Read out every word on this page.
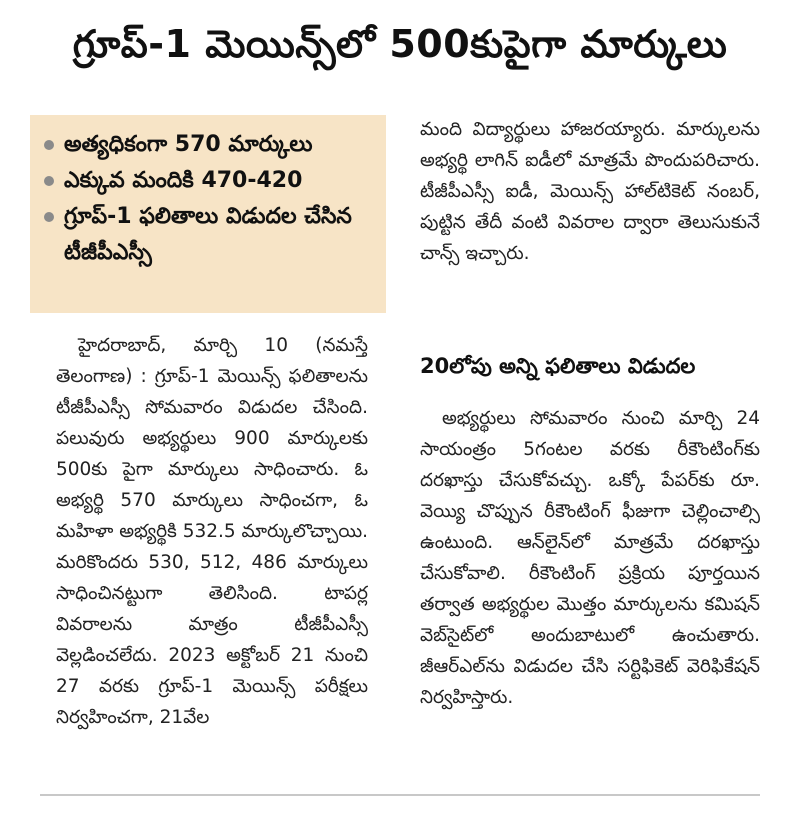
గ్రూప్‌-1 మెయిన్స్‌లో 500కుపైగా మార్కులు
అత్యధికంగా 570 మార్కులు
ఎక్కువ మందికి 470-420
గ్రూప్‌-1 ఫలితాలు విడుదల చేసిన టీజీపీఎస్సీ

హైదరాబాద్‌, మార్చి 10 (నమస్తే తెలంగాణ) : గ్రూప్‌-1 మెయిన్స్‌ ఫలితాలను టీజీపీఎస్సీ సోమవారం విడుదల చేసింది. పలువురు అభ్యర్థులు 900 మార్కులకు 500కు పైగా మార్కులు సాధించారు. ఓ అభ్యర్థి 570 మార్కులు సాధించగా, ఓ మహిళా అభ్యర్థికి 532.5 మార్కులొచ్చాయి. మరికొందరు 530, 512, 486 మార్కులు సాధించినట్టుగా తెలిసింది. టాపర్ల వివరాలను మాత్రం టీజీపీఎస్సీ వెల్లడించలేదు. 2023 అక్టోబర్‌ 21 నుంచి 27 వరకు గ్రూప్‌-1 మెయిన్స్‌ పరీక్షలు నిర్వహించగా, 21వేల

మంది విద్యార్థులు హాజరయ్యారు. మార్కులను అభ్యర్థి లాగిన్‌ ఐడీలో మాత్రమే పొందుపరిచారు. టీజీపీఎస్సీ ఐడీ, మెయిన్స్‌ హాల్‌టికెట్‌ నంబర్‌, పుట్టిన తేదీ వంటి వివరాల ద్వారా తెలుసుకునే చాన్స్‌ ఇచ్చారు.

20లోపు అన్ని ఫలితాలు విడుదల

అభ్యర్థులు సోమవారం నుంచి మార్చి 24 సాయంత్రం 5గంటల వరకు రీకౌంటింగ్‌కు దరఖాస్తు చేసుకోవచ్చు. ఒక్కో పేపర్‌కు రూ. వెయ్యి చొప్పున రీకౌంటింగ్‌ ఫీజుగా చెల్లించాల్సి ఉంటుంది. ఆన్‌లైన్‌లో మాత్రమే దరఖాస్తు చేసుకోవాలి. రీకౌంటింగ్‌ ప్రక్రియ పూర్తయిన తర్వాత అభ్యర్థుల మొత్తం మార్కులను కమిషన్‌ వెబ్‌సైట్‌లో అందుబాటులో ఉంచుతారు. జీఆర్‌ఎల్‌ను విడుదల చేసి సర్టిఫికెట్‌ వెరిఫికేషన్‌ నిర్వహిస్తారు.
